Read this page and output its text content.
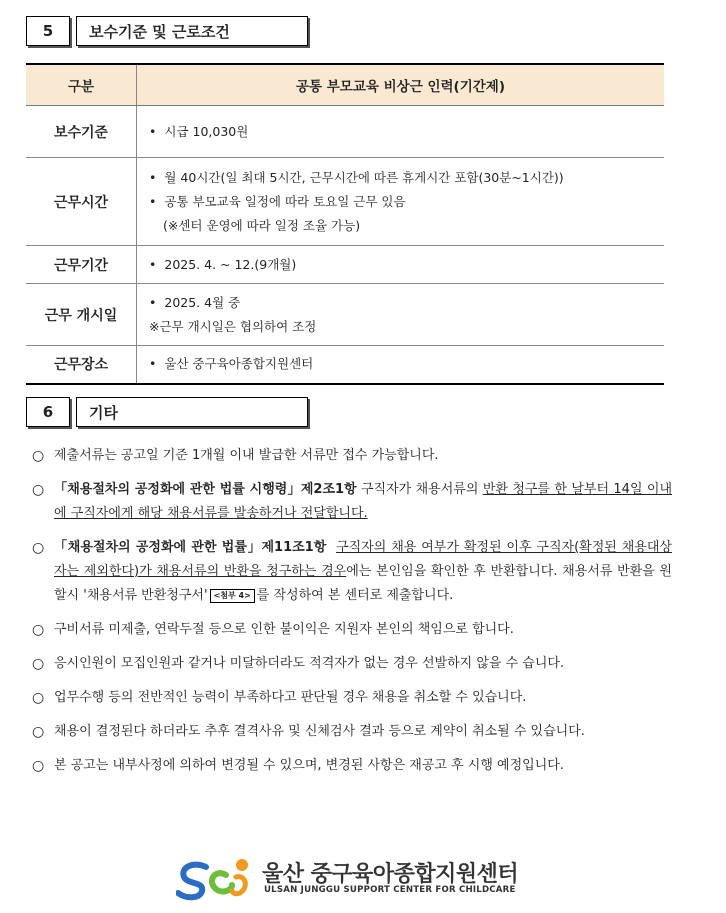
5	보수기준 및 근로조건
구분	공통 부모교육 비상근 인력(기간제)
보수기준	• 시급 10,030원

근무시간	• 월 40시간(일 최대 5시간, 근무시간에 따른 휴게시간 포함(30분~1시간))
• 공통 부모교육 일정에 따라 토요일 근무 있음
(※센터 운영에 따라 일정 조율 가능)

근무기간	• 2025. 4. ~ 12.(9개월)

근무 개시일	• 2025. 4월 중
※근무 개시일은 협의하여 조정

근무장소	• 울산 중구육아종합지원센터
6	기타
○ 제출서류는 공고일 기준 1개월 이내 발급한 서류만 접수 가능합니다.
○ 「채용절차의 공정화에 관한 법률 시행령」제2조1항 구직자가 채용서류의 반환 청구를 한 날부터 14일 이내에 구직자에게 해당 채용서류를 발송하거나 전달합니다.
○ 「채용절차의 공정화에 관한 법률」제11조1항 구직자의 채용 여부가 확정된 이후 구직자(확정된 채용대상자는 제외한다)가 채용서류의 반환을 청구하는 경우에는 본인임을 확인한 후 반환합니다. 채용서류 반환을 원할시 '채용서류 반환청구서' <첨부 4> 를 작성하여 본 센터로 제출합니다.
○ 구비서류 미제출, 연락두절 등으로 인한 불이익은 지원자 본인의 책임으로 합니다.
○ 응시인원이 모집인원과 같거나 미달하더라도 적격자가 없는 경우 선발하지 않을 수 습니다.
○ 업무수행 등의 전반적인 능력이 부족하다고 판단될 경우 채용을 취소할 수 있습니다.
○ 채용이 결정된다 하더라도 추후 결격사유 및 신체검사 결과 등으로 계약이 취소될 수 있습니다.
○ 본 공고는 내부사정에 의하여 변경될 수 있으며, 변경된 사항은 재공고 후 시행 예정입니다.
울산 중구육아종합지원센터
ULSAN JUNGGU SUPPORT CENTER FOR CHILDCARE
